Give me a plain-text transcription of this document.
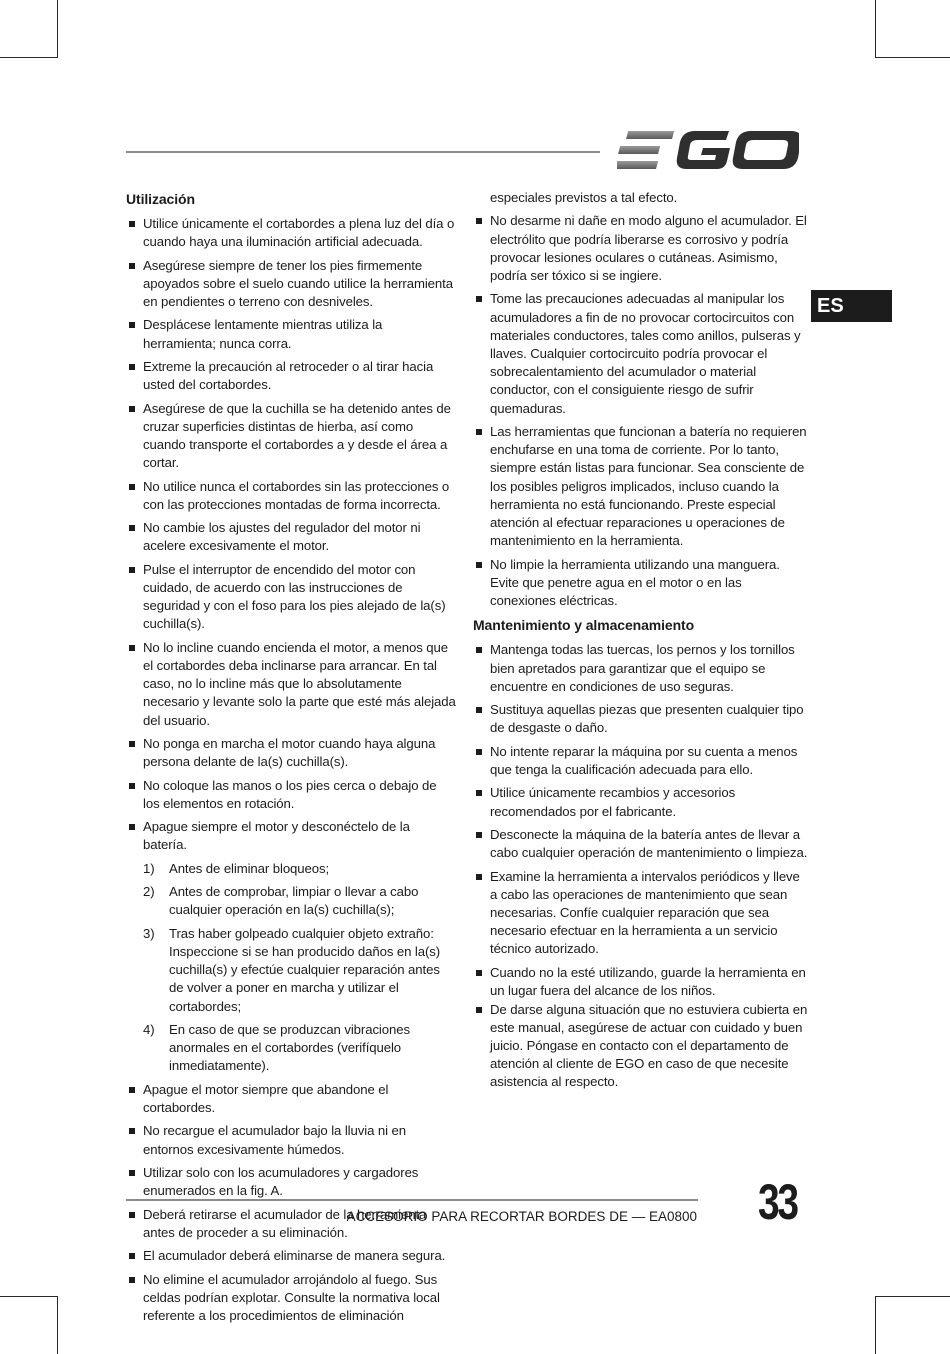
ES
Utilización
Utilice únicamente el cortabordes a plena luz del día o cuando haya una iluminación artificial adecuada.
Asegúrese siempre de tener los pies firmemente apoyados sobre el suelo cuando utilice la herramienta en pendientes o terreno con desniveles.
Desplácese lentamente mientras utiliza la herramienta; nunca corra.
Extreme la precaución al retroceder o al tirar hacia usted del cortabordes.
Asegúrese de que la cuchilla se ha detenido antes de cruzar superficies distintas de hierba, así como cuando transporte el cortabordes a y desde el área a cortar.
No utilice nunca el cortabordes sin las protecciones o con las protecciones montadas de forma incorrecta.
No cambie los ajustes del regulador del motor ni acelere excesivamente el motor.
Pulse el interruptor de encendido del motor con cuidado, de acuerdo con las instrucciones de seguridad y con el foso para los pies alejado de la(s) cuchilla(s).
No lo incline cuando encienda el motor, a menos que el cortabordes deba inclinarse para arrancar. En tal caso, no lo incline más que lo absolutamente necesario y levante solo la parte que esté más alejada del usuario.
No ponga en marcha el motor cuando haya alguna persona delante de la(s) cuchilla(s).
No coloque las manos o los pies cerca o debajo de los elementos en rotación.
Apague siempre el motor y desconéctelo de la batería.
1) Antes de eliminar bloqueos;
2) Antes de comprobar, limpiar o llevar a cabo cualquier operación en la(s) cuchilla(s);
3) Tras haber golpeado cualquier objeto extraño: Inspeccione si se han producido daños en la(s) cuchilla(s) y efectúe cualquier reparación antes de volver a poner en marcha y utilizar el cortabordes;
4) En caso de que se produzcan vibraciones anormales en el cortabordes (verifíquelo inmediatamente).
Apague el motor siempre que abandone el cortabordes.
No recargue el acumulador bajo la lluvia ni en entornos excesivamente húmedos.
Utilizar solo con los acumuladores y cargadores enumerados en la fig. A.
Deberá retirarse el acumulador de la herramienta antes de proceder a su eliminación.
El acumulador deberá eliminarse de manera segura.
No elimine el acumulador arrojándolo al fuego. Sus celdas podrían explotar. Consulte la normativa local referente a los procedimientos de eliminación
especiales previstos a tal efecto.
No desarme ni dañe en modo alguno el acumulador. El electrólito que podría liberarse es corrosivo y podría provocar lesiones oculares o cutáneas. Asimismo, podría ser tóxico si se ingiere.
Tome las precauciones adecuadas al manipular los acumuladores a fin de no provocar cortocircuitos con materiales conductores, tales como anillos, pulseras y llaves. Cualquier cortocircuito podría provocar el sobrecalentamiento del acumulador o material conductor, con el consiguiente riesgo de sufrir quemaduras.
Las herramientas que funcionan a batería no requieren enchufarse en una toma de corriente. Por lo tanto, siempre están listas para funcionar. Sea consciente de los posibles peligros implicados, incluso cuando la herramienta no está funcionando. Preste especial atención al efectuar reparaciones u operaciones de mantenimiento en la herramienta.
No limpie la herramienta utilizando una manguera. Evite que penetre agua en el motor o en las conexiones eléctricas.
Mantenimiento y almacenamiento
Mantenga todas las tuercas, los pernos y los tornillos bien apretados para garantizar que el equipo se encuentre en condiciones de uso seguras.
Sustituya aquellas piezas que presenten cualquier tipo de desgaste o daño.
No intente reparar la máquina por su cuenta a menos que tenga la cualificación adecuada para ello.
Utilice únicamente recambios y accesorios recomendados por el fabricante.
Desconecte la máquina de la batería antes de llevar a cabo cualquier operación de mantenimiento o limpieza.
Examine la herramienta a intervalos periódicos y lleve a cabo las operaciones de mantenimiento que sean necesarias. Confíe cualquier reparación que sea necesario efectuar en la herramienta a un servicio técnico autorizado.
Cuando no la esté utilizando, guarde la herramienta en un lugar fuera del alcance de los niños.
De darse alguna situación que no estuviera cubierta en este manual, asegúrese de actuar con cuidado y buen juicio. Póngase en contacto con el departamento de atención al cliente de EGO en caso de que necesite asistencia al respecto.
ACCESORIO PARA RECORTAR BORDES DE — EA0800 33
